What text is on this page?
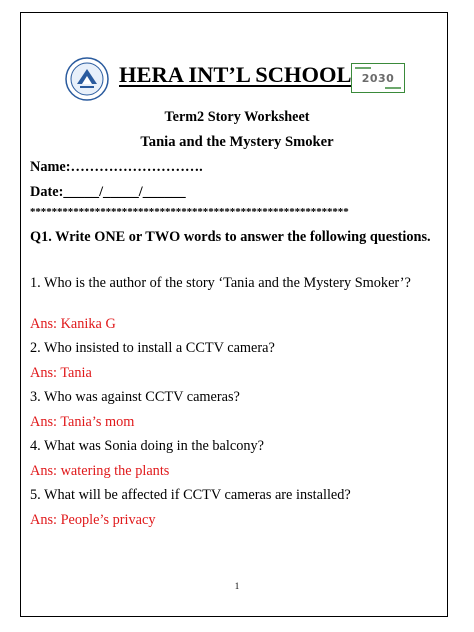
HERA INT’L SCHOOL 2030
Term2 Story Worksheet
Tania and the Mystery Smoker
Name:……………………….
Date:_____/_____/______
***********************************************************
Q1. Write ONE or TWO words to answer the following questions.
1. Who is the author of the story ‘Tania and the Mystery Smoker’?
Ans: Kanika G
2. Who insisted to install a CCTV camera?
Ans: Tania
3. Who was against CCTV cameras?
Ans: Tania’s mom
4. What was Sonia doing in the balcony?
Ans: watering the plants
5. What will be affected if CCTV cameras are installed?
Ans: People’s privacy
1
